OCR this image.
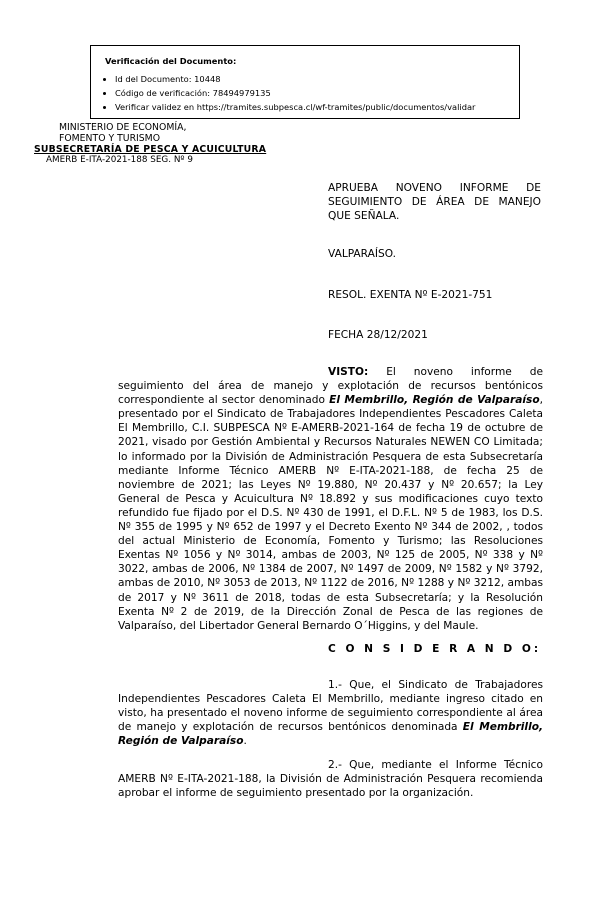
Verificación del Documento:
• Id del Documento: 10448
• Código de verificación: 78494979135
• Verificar validez en https://tramites.subpesca.cl/wf-tramites/public/documentos/validar
MINISTERIO DE ECONOMÍA,
FOMENTO Y TURISMO
SUBSECRETARÍA DE PESCA Y ACUICULTURA
AMERB E-ITA-2021-188 SEG. Nº 9
APRUEBA NOVENO INFORME DE SEGUIMIENTO DE ÁREA DE MANEJO QUE SEÑALA.
VALPARAÍSO.
RESOL. EXENTA Nº E-2021-751
FECHA 28/12/2021
VISTO: El noveno informe de seguimiento del área de manejo y explotación de recursos bentónicos correspondiente al sector denominado El Membrillo, Región de Valparaíso, presentado por el Sindicato de Trabajadores Independientes Pescadores Caleta El Membrillo, C.I. SUBPESCA Nº E-AMERB-2021-164 de fecha 19 de octubre de 2021, visado por Gestión Ambiental y Recursos Naturales NEWEN CO Limitada; lo informado por la División de Administración Pesquera de esta Subsecretaría mediante Informe Técnico AMERB Nº E-ITA-2021-188, de fecha 25 de noviembre de 2021; las Leyes Nº 19.880, Nº 20.437 y Nº 20.657; la Ley General de Pesca y Acuicultura Nº 18.892 y sus modificaciones cuyo texto refundido fue fijado por el D.S. Nº 430 de 1991, el D.F.L. Nº 5 de 1983, los D.S. Nº 355 de 1995 y Nº 652 de 1997 y el Decreto Exento Nº 344 de 2002, , todos del actual Ministerio de Economía, Fomento y Turismo; las Resoluciones Exentas Nº 1056 y Nº 3014, ambas de 2003, Nº 125 de 2005, Nº 338 y Nº 3022, ambas de 2006, Nº 1384 de 2007, Nº 1497 de 2009, Nº 1582 y Nº 3792, ambas de 2010, Nº 3053 de 2013, Nº 1122 de 2016, Nº 1288 y Nº 3212, ambas de 2017 y Nº 3611 de 2018, todas de esta Subsecretaría; y la Resolución Exenta Nº 2 de 2019, de la Dirección Zonal de Pesca de las regiones de Valparaíso, del Libertador General Bernardo O´Higgins, y del Maule.
C O N S I D E R A N D O:
1.- Que, el Sindicato de Trabajadores Independientes Pescadores Caleta El Membrillo, mediante ingreso citado en visto, ha presentado el noveno informe de seguimiento correspondiente al área de manejo y explotación de recursos bentónicos denominada El Membrillo, Región de Valparaíso.
2.- Que, mediante el Informe Técnico AMERB Nº E-ITA-2021-188, la División de Administración Pesquera recomienda aprobar el informe de seguimiento presentado por la organización.
